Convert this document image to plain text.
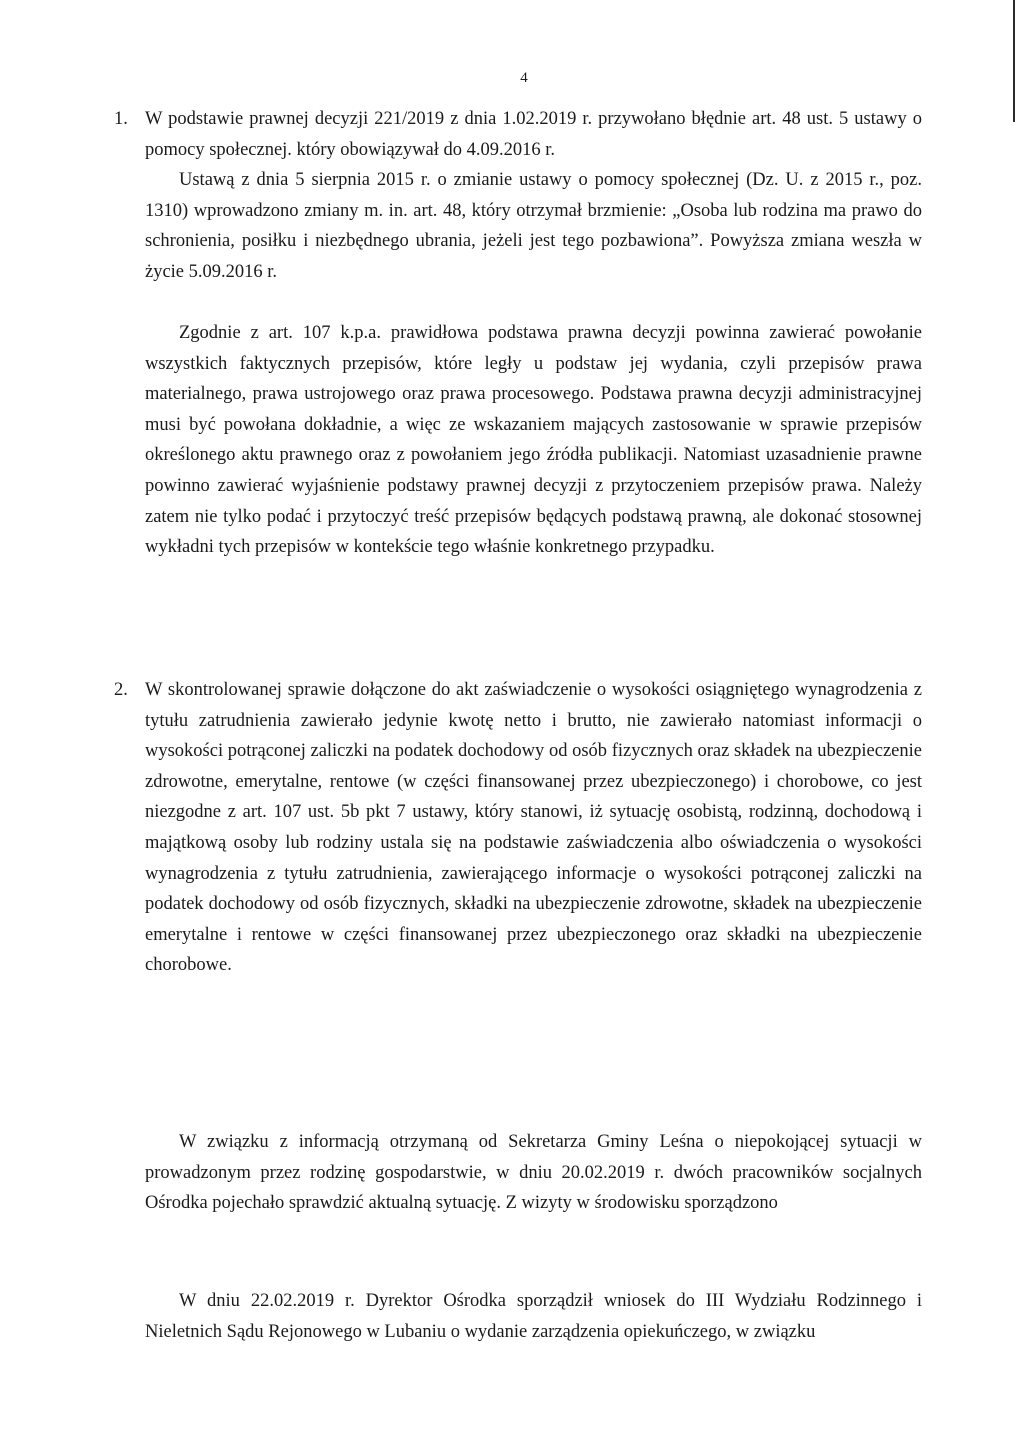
4
1. W podstawie prawnej decyzji 221/2019 z dnia 1.02.2019 r. przywołano błędnie art. 48 ust. 5 ustawy o pomocy społecznej. który obowiązywał do 4.09.2016 r.

Ustawą z dnia 5 sierpnia 2015 r. o zmianie ustawy o pomocy społecznej (Dz. U. z 2015 r., poz. 1310) wprowadzono zmiany m. in. art. 48, który otrzymał brzmienie: „Osoba lub rodzina ma prawo do schronienia, posiłku i niezbędnego ubrania, jeżeli jest tego pozbawiona”. Powyższa zmiana weszła w życie 5.09.2016 r.

Zgodnie z art. 107 k.p.a. prawidłowa podstawa prawna decyzji powinna zawierać powołanie wszystkich faktycznych przepisów, które legły u podstaw jej wydania, czyli przepisów prawa materialnego, prawa ustrojowego oraz prawa procesowego. Podstawa prawna decyzji administracyjnej musi być powołana dokładnie, a więc ze wskazaniem mających zastosowanie w sprawie przepisów określonego aktu prawnego oraz z powołaniem jego źródła publikacji. Natomiast uzasadnienie prawne powinno zawierać wyjaśnienie podstawy prawnej decyzji z przytoczeniem przepisów prawa. Należy zatem nie tylko podać i przytoczyć treść przepisów będących podstawą prawną, ale dokonać stosownej wykładni tych przepisów w kontekście tego właśnie konkretnego przypadku.

2. W skontrolowanej sprawie dołączone do akt zaświadczenie o wysokości osiągniętego wynagrodzenia z tytułu zatrudnienia zawierało jedynie kwotę netto i brutto, nie zawierało natomiast informacji o wysokości potrąconej zaliczki na podatek dochodowy od osób fizycznych oraz składek na ubezpieczenie zdrowotne, emerytalne, rentowe (w części finansowanej przez ubezpieczonego) i chorobowe, co jest niezgodne z art. 107 ust. 5b pkt 7 ustawy, który stanowi, iż sytuację osobistą, rodzinną, dochodową i majątkową osoby lub rodziny ustala się na podstawie zaświadczenia albo oświadczenia o wysokości wynagrodzenia z tytułu zatrudnienia, zawierającego informacje o wysokości potrąconej zaliczki na podatek dochodowy od osób fizycznych, składki na ubezpieczenie zdrowotne, składek na ubezpieczenie emerytalne i rentowe w części finansowanej przez ubezpieczonego oraz składki na ubezpieczenie chorobowe.

W związku z informacją otrzymaną od Sekretarza Gminy Leśna o niepokojącej sytuacji w prowadzonym przez rodzinę gospodarstwie, w dniu 20.02.2019 r. dwóch pracowników socjalnych Ośrodka pojechało sprawdzić aktualną sytuację. Z wizyty w środowisku sporządzono

W dniu 22.02.2019 r. Dyrektor Ośrodka sporządził wniosek do III Wydziału Rodzinnego i Nieletnich Sądu Rejonowego w Lubaniu o wydanie zarządzenia opiekuńczego, w związku
